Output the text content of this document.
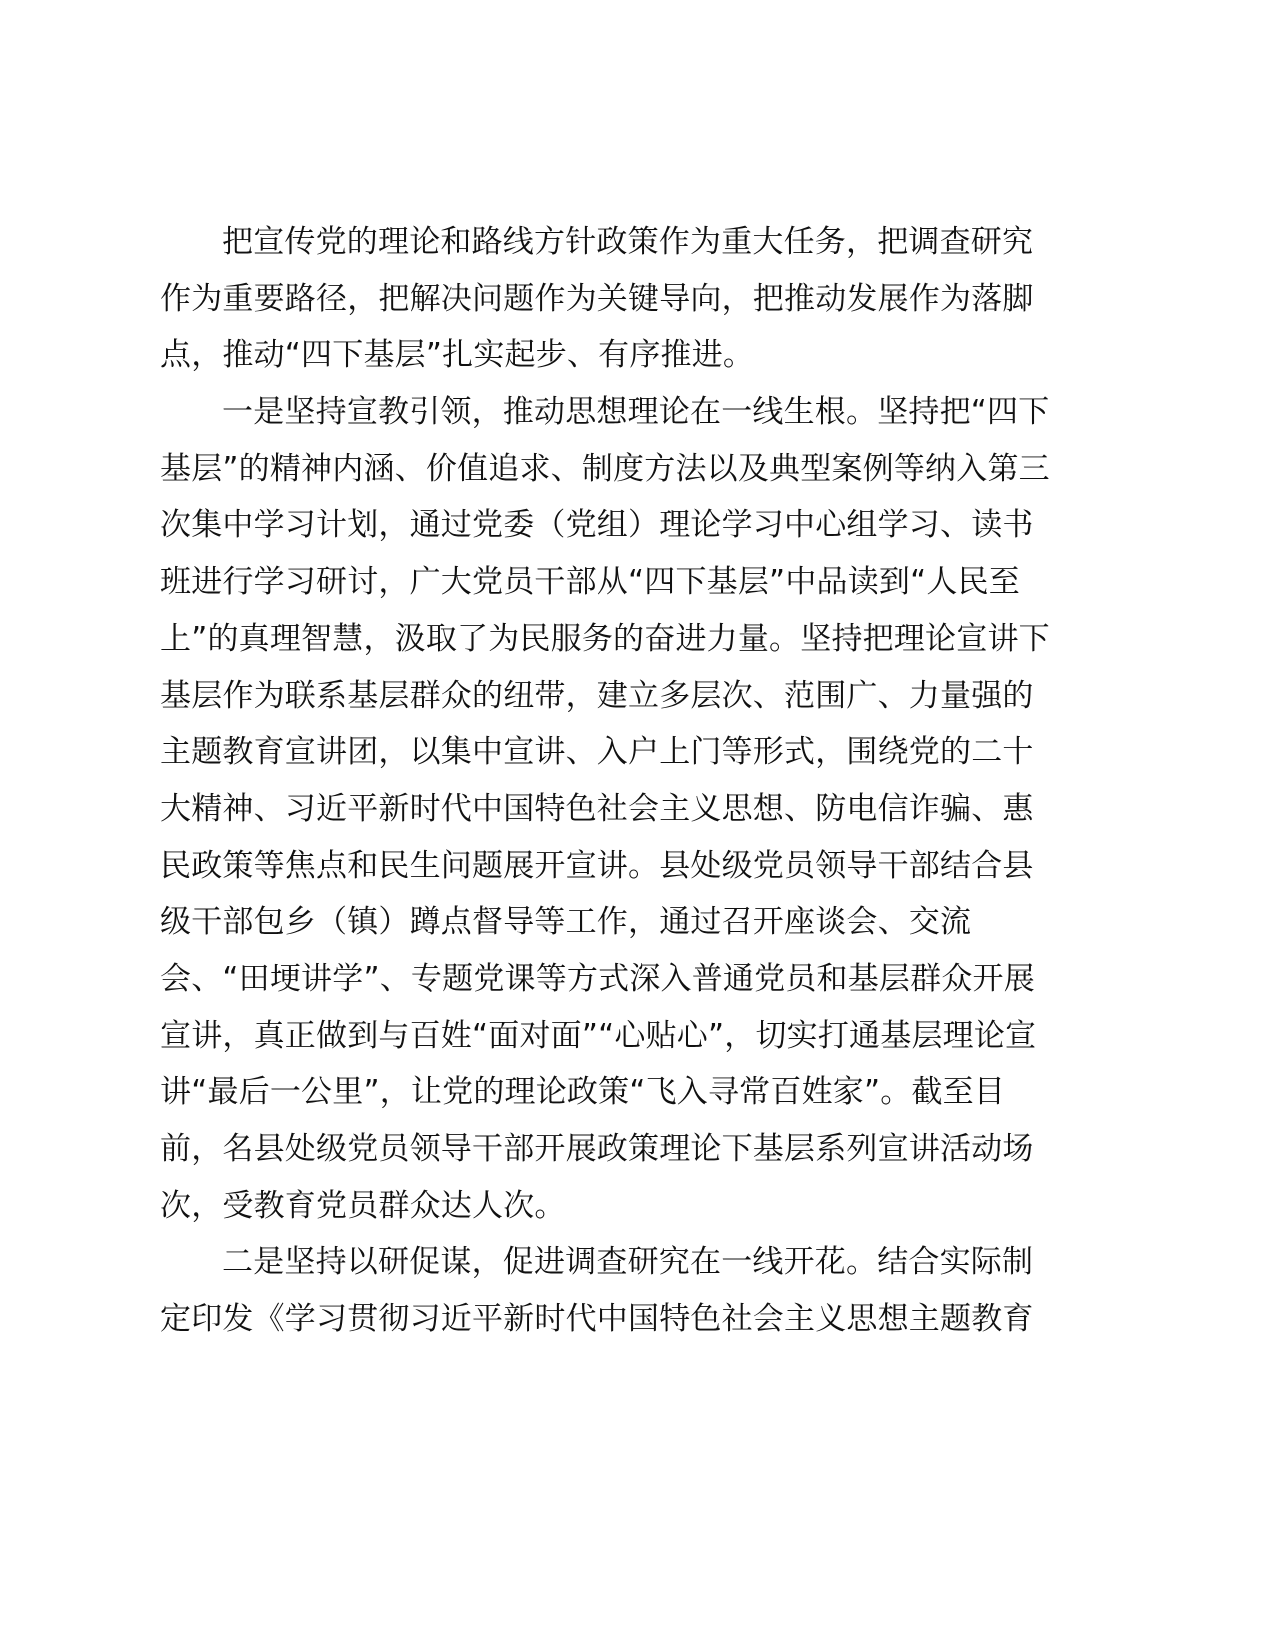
把宣传党的理论和路线方针政策作为重大任务，把调查研究
作为重要路径，把解决问题作为关键导向，把推动发展作为落脚
点，推动“四下基层”扎实起步、有序推进。
一是坚持宣教引领，推动思想理论在一线生根。坚持把“四下
基层”的精神内涵、价值追求、制度方法以及典型案例等纳入第三
次集中学习计划，通过党委（党组）理论学习中心组学习、读书
班进行学习研讨，广大党员干部从“四下基层”中品读到“人民至
上”的真理智慧，汲取了为民服务的奋进力量。坚持把理论宣讲下
基层作为联系基层群众的纽带，建立多层次、范围广、力量强的
主题教育宣讲团，以集中宣讲、入户上门等形式，围绕党的二十
大精神、习近平新时代中国特色社会主义思想、防电信诈骗、惠
民政策等焦点和民生问题展开宣讲。县处级党员领导干部结合县
级干部包乡（镇）蹲点督导等工作，通过召开座谈会、交流
会、“田埂讲学”、专题党课等方式深入普通党员和基层群众开展
宣讲，真正做到与百姓“面对面”“心贴心”，切实打通基层理论宣
讲“最后一公里”，让党的理论政策“飞入寻常百姓家”。截至目
前，名县处级党员领导干部开展政策理论下基层系列宣讲活动场
次，受教育党员群众达人次。
二是坚持以研促谋，促进调查研究在一线开花。结合实际制
定印发《学习贯彻习近平新时代中国特色社会主义思想主题教育
